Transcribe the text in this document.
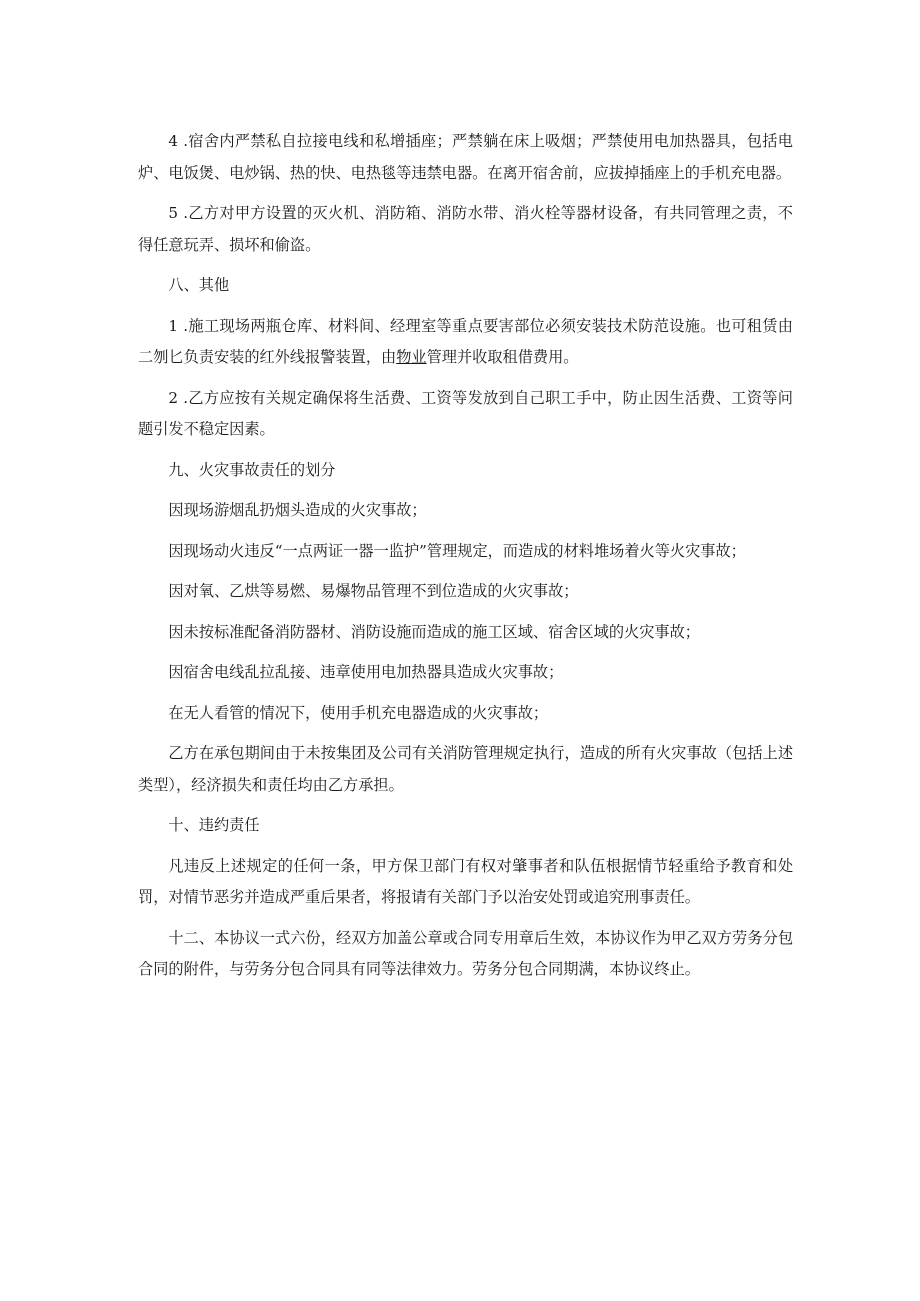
4 .宿舍内严禁私自拉接电线和私增插座；严禁躺在床上吸烟；严禁使用电加热器具，包括电炉、电饭煲、电炒锅、热的快、电热毯等违禁电器。在离开宿舍前，应拔掉插座上的手机充电器。

5 .乙方对甲方设置的灭火机、消防箱、消防水带、消火栓等器材设备，有共同管理之责，不得任意玩弄、损坏和偷盗。

八、其他

1 .施工现场两瓶仓库、材料间、经理室等重点要害部位必须安装技术防范设施。也可租赁由二刎匕负责安装的红外线报警装置，由物业管理并收取租借费用。

2 .乙方应按有关规定确保将生活费、工资等发放到自己职工手中，防止因生活费、工资等问题引发不稳定因素。

九、火灾事故责任的划分

因现场游烟乱扔烟头造成的火灾事故；

因现场动火违反“一点两证一器一监护”管理规定，而造成的材料堆场着火等火灾事故；

因对氧、乙烘等易燃、易爆物品管理不到位造成的火灾事故；

因未按标准配备消防器材、消防设施而造成的施工区域、宿舍区域的火灾事故；

因宿舍电线乱拉乱接、违章使用电加热器具造成火灾事故；

在无人看管的情况下，使用手机充电器造成的火灾事故；

乙方在承包期间由于未按集团及公司有关消防管理规定执行，造成的所有火灾事故（包括上述类型），经济损失和责任均由乙方承担。

十、违约责任

凡违反上述规定的任何一条，甲方保卫部门有权对肇事者和队伍根据情节轻重给予教育和处罚，对情节恶劣并造成严重后果者，将报请有关部门予以治安处罚或追究刑事责任。

十二、本协议一式六份，经双方加盖公章或合同专用章后生效，本协议作为甲乙双方劳务分包合同的附件，与劳务分包合同具有同等法律效力。劳务分包合同期满，本协议终止。
